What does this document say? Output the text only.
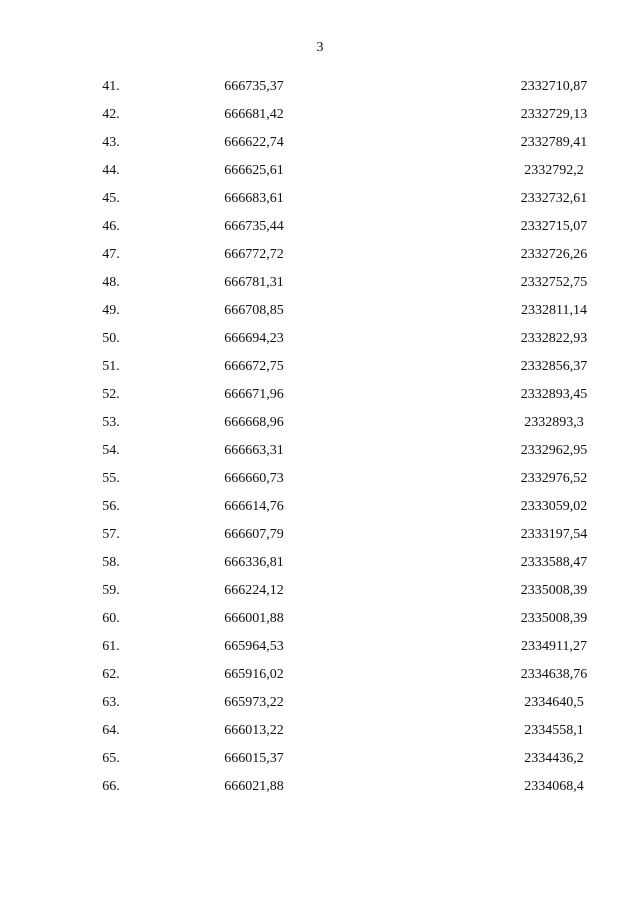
3
41.	666735,37	2332710,87
42.	666681,42	2332729,13
43.	666622,74	2332789,41
44.	666625,61	2332792,2
45.	666683,61	2332732,61
46.	666735,44	2332715,07
47.	666772,72	2332726,26
48.	666781,31	2332752,75
49.	666708,85	2332811,14
50.	666694,23	2332822,93
51.	666672,75	2332856,37
52.	666671,96	2332893,45
53.	666668,96	2332893,3
54.	666663,31	2332962,95
55.	666660,73	2332976,52
56.	666614,76	2333059,02
57.	666607,79	2333197,54
58.	666336,81	2333588,47
59.	666224,12	2335008,39
60.	666001,88	2335008,39
61.	665964,53	2334911,27
62.	665916,02	2334638,76
63.	665973,22	2334640,5
64.	666013,22	2334558,1
65.	666015,37	2334436,2
66.	666021,88	2334068,4
